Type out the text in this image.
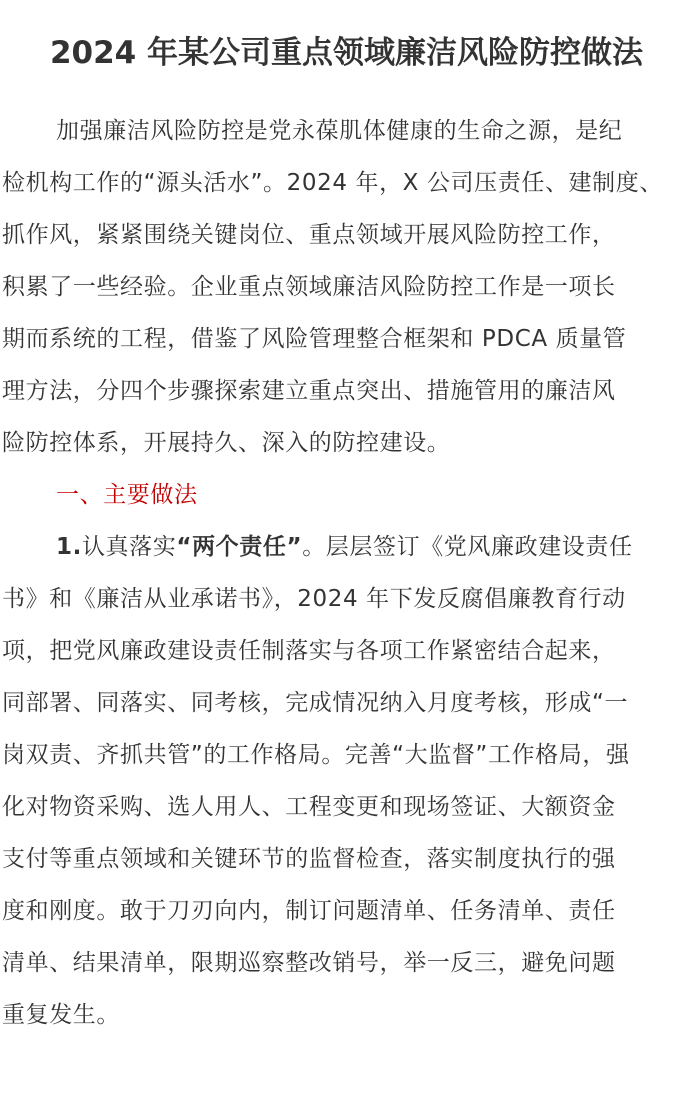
2024 年某公司重点领域廉洁风险防控做法
加强廉洁风险防控是党永葆肌体健康的生命之源，是纪
检机构工作的“源头活水”。2024 年，X 公司压责任、建制度、
抓作风，紧紧围绕关键岗位、重点领域开展风险防控工作，
积累了一些经验。企业重点领域廉洁风险防控工作是一项长
期而系统的工程，借鉴了风险管理整合框架和 PDCA 质量管
理方法，分四个步骤探索建立重点突出、措施管用的廉洁风
险防控体系，开展持久、深入的防控建设。
一、主要做法
1.认真落实“两个责任”。层层签订《党风廉政建设责任
书》和《廉洁从业承诺书》，2024 年下发反腐倡廉教育行动
项，把党风廉政建设责任制落实与各项工作紧密结合起来，
同部署、同落实、同考核，完成情况纳入月度考核，形成“一
岗双责、齐抓共管”的工作格局。完善“大监督”工作格局，强
化对物资采购、选人用人、工程变更和现场签证、大额资金
支付等重点领域和关键环节的监督检查，落实制度执行的强
度和刚度。敢于刀刃向内，制订问题清单、任务清单、责任
清单、结果清单，限期巡察整改销号，举一反三，避免问题
重复发生。
